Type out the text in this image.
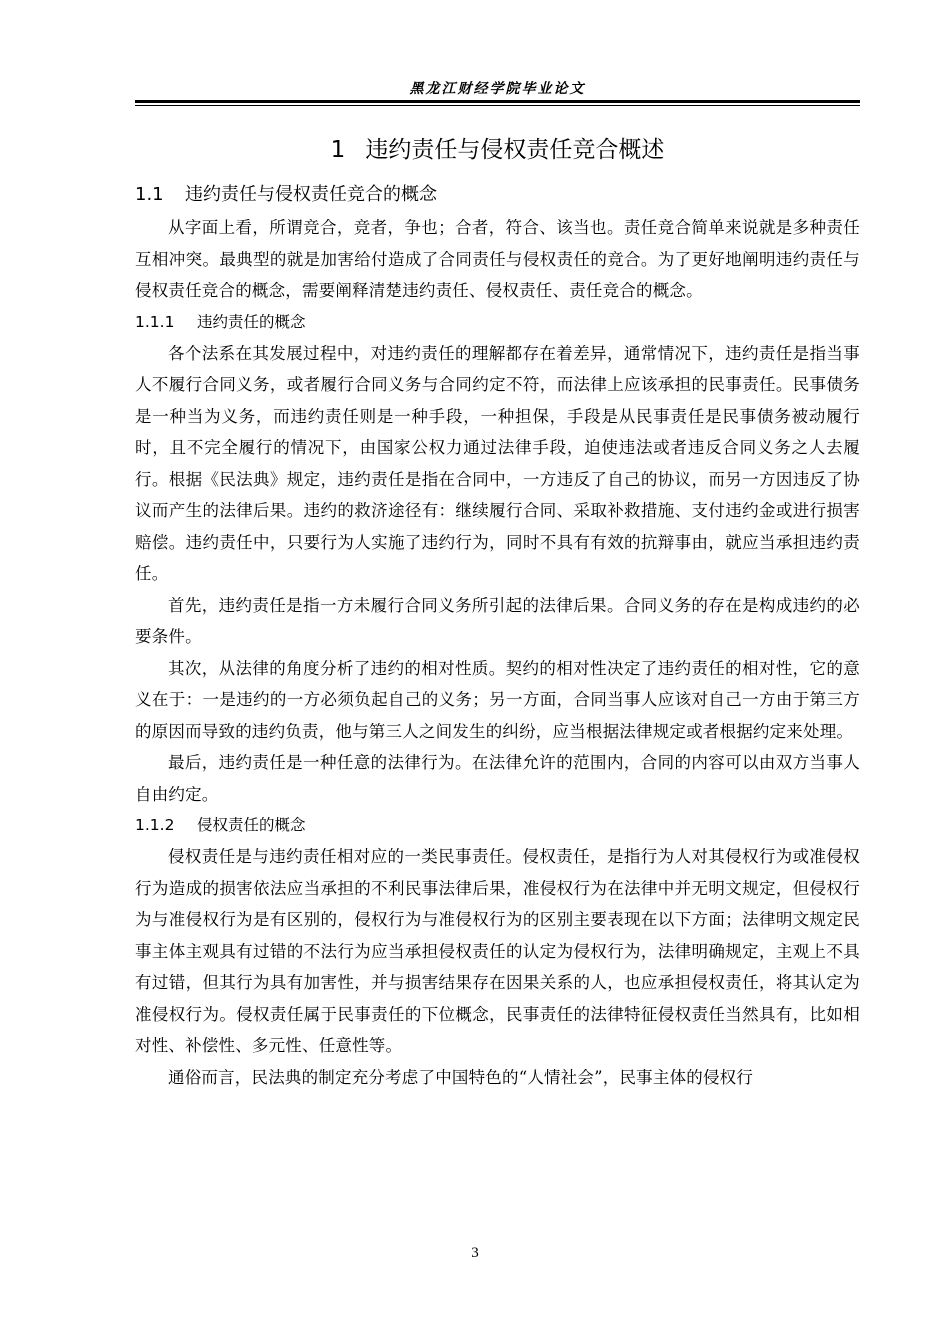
黑龙江财经学院毕业论文
1 违约责任与侵权责任竞合概述
1.1 违约责任与侵权责任竞合的概念

从字面上看，所谓竞合，竞者，争也；合者，符合、该当也。责任竞合简单来说就是多种责任互相冲突。最典型的就是加害给付造成了合同责任与侵权责任的竞合。为了更好地阐明违约责任与侵权责任竞合的概念，需要阐释清楚违约责任、侵权责任、责任竞合的概念。

1.1.1 违约责任的概念

各个法系在其发展过程中，对违约责任的理解都存在着差异，通常情况下，违约责任是指当事人不履行合同义务，或者履行合同义务与合同约定不符，而法律上应该承担的民事责任。民事债务是一种当为义务，而违约责任则是一种手段，一种担保，手段是从民事责任是民事债务被动履行时，且不完全履行的情况下，由国家公权力通过法律手段，迫使违法或者违反合同义务之人去履行。根据《民法典》规定，违约责任是指在合同中，一方违反了自己的协议，而另一方因违反了协议而产生的法律后果。违约的救济途径有：继续履行合同、采取补救措施、支付违约金或进行损害赔偿。违约责任中，只要行为人实施了违约行为，同时不具有有效的抗辩事由，就应当承担违约责任。

首先，违约责任是指一方未履行合同义务所引起的法律后果。合同义务的存在是构成违约的必要条件。

其次，从法律的角度分析了违约的相对性质。契约的相对性决定了违约责任的相对性，它的意义在于：一是违约的一方必须负起自己的义务；另一方面，合同当事人应该对自己一方由于第三方的原因而导致的违约负责，他与第三人之间发生的纠纷，应当根据法律规定或者根据约定来处理。

最后，违约责任是一种任意的法律行为。在法律允许的范围内，合同的内容可以由双方当事人自由约定。

1.1.2 侵权责任的概念

侵权责任是与违约责任相对应的一类民事责任。侵权责任，是指行为人对其侵权行为或准侵权行为造成的损害依法应当承担的不利民事法律后果，准侵权行为在法律中并无明文规定，但侵权行为与准侵权行为是有区别的，侵权行为与准侵权行为的区别主要表现在以下方面；法律明文规定民事主体主观具有过错的不法行为应当承担侵权责任的认定为侵权行为，法律明确规定，主观上不具有过错，但其行为具有加害性，并与损害结果存在因果关系的人，也应承担侵权责任，将其认定为准侵权行为。侵权责任属于民事责任的下位概念，民事责任的法律特征侵权责任当然具有，比如相对性、补偿性、多元性、任意性等。

通俗而言，民法典的制定充分考虑了中国特色的“人情社会”，民事主体的侵权行

3
